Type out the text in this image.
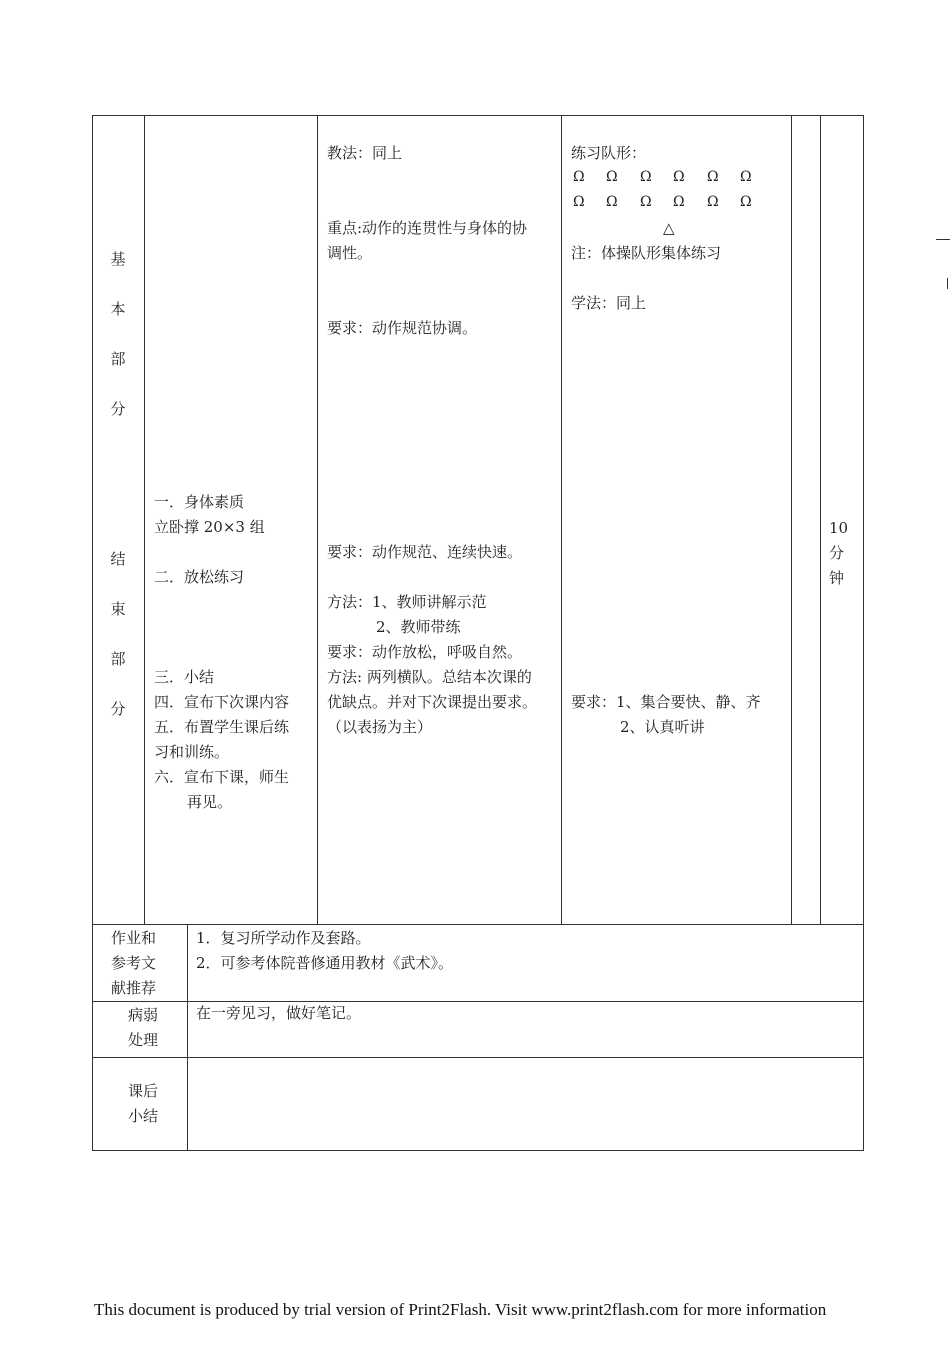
基
本
部
分
结
束
部
分
一．身体素质
立卧撑 20×3 组
二．放松练习
三．小结
四．宣布下次课内容
五．布置学生课后练
习和训练。
六．宣布下课，师生
再见。
教法：同上
重点:动作的连贯性与身体的协
调性。
要求：动作规范协调。
要求：动作规范、连续快速。
方法：1、教师讲解示范
2、教师带练
要求：动作放松，呼吸自然。
方法: 两列横队。总结本次课的
优缺点。并对下次课提出要求。
（以表扬为主）
练习队形：
Ω Ω Ω Ω Ω Ω
Ω Ω Ω Ω Ω Ω
△
注：体操队形集体练习
学法：同上
要求：1、集合要快、静、齐
2、认真听讲
10
分
钟
作业和
参考文
献推荐
1．复习所学动作及套路。
2．可参考体院普修通用教材《武术》。
病弱
处理
在一旁见习，做好笔记。
课后
小结
This document is produced by trial version of Print2Flash. Visit www.print2flash.com for more information
